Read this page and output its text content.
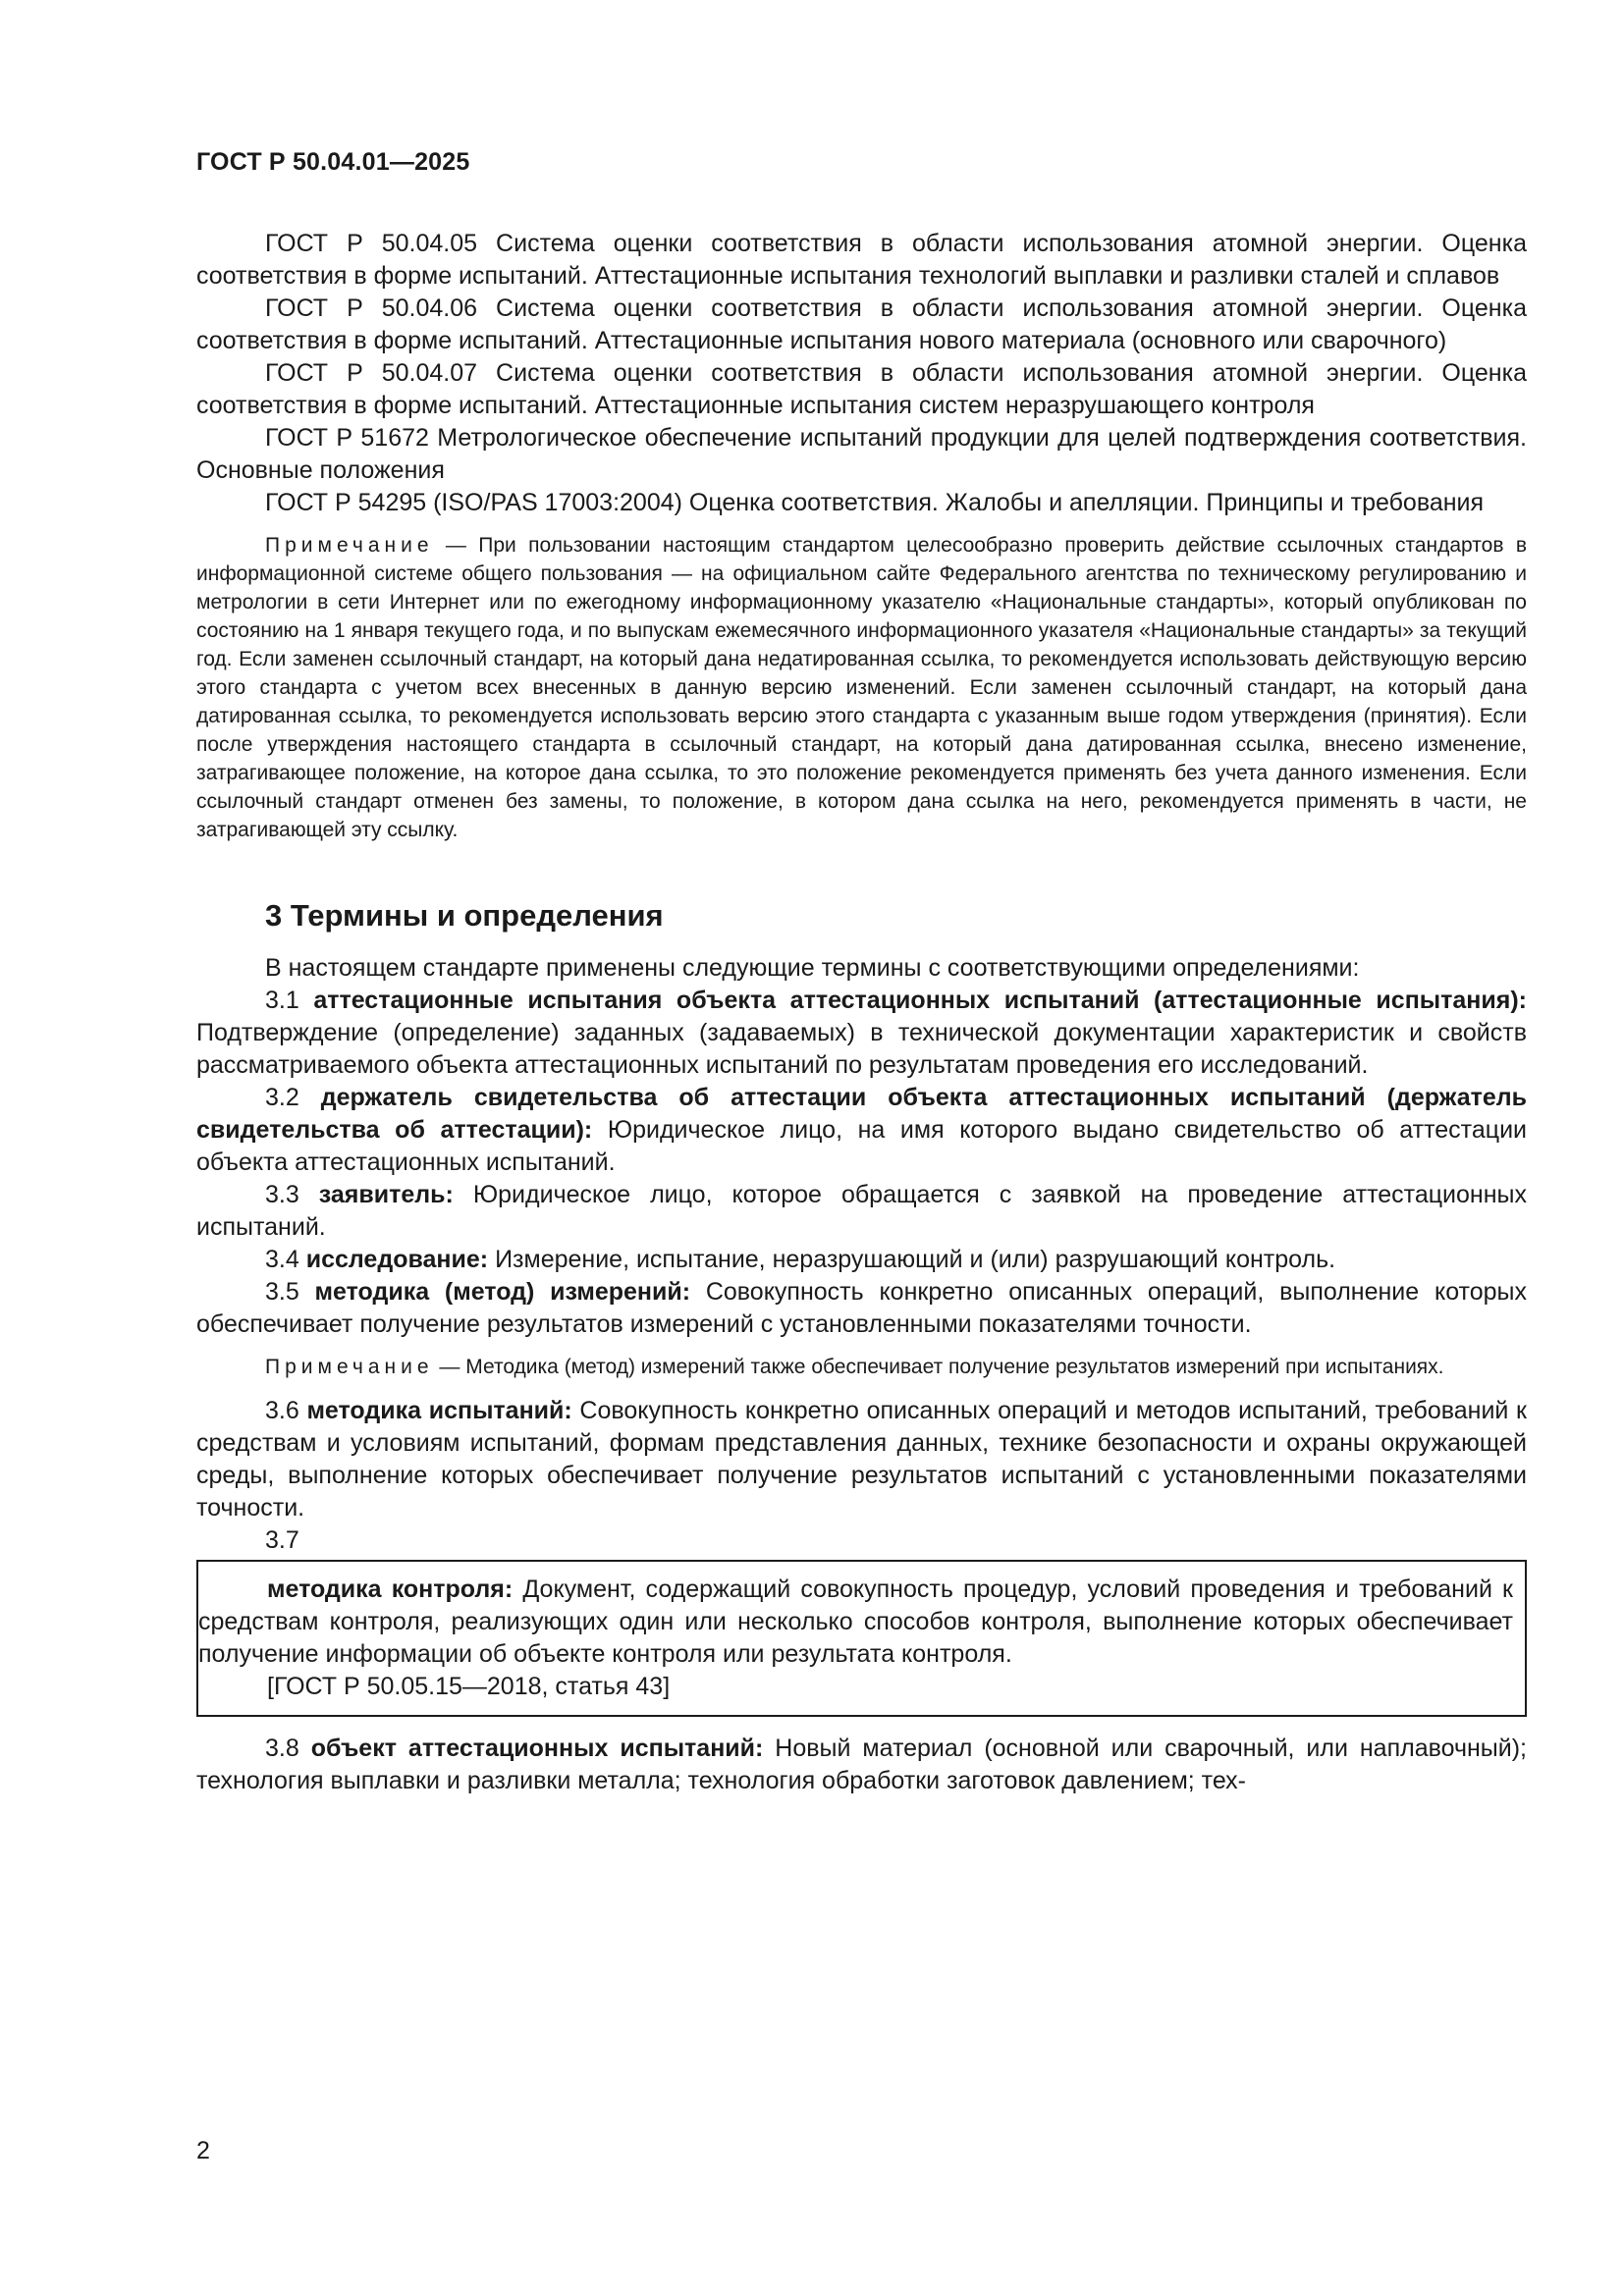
ГОСТ Р 50.04.01—2025

ГОСТ Р 50.04.05 Система оценки соответствия в области использования атомной энергии. Оценка соответствия в форме испытаний. Аттестационные испытания технологий выплавки и разливки сталей и сплавов

ГОСТ Р 50.04.06 Система оценки соответствия в области использования атомной энергии. Оценка соответствия в форме испытаний. Аттестационные испытания нового материала (основного или сварочного)

ГОСТ Р 50.04.07 Система оценки соответствия в области использования атомной энергии. Оценка соответствия в форме испытаний. Аттестационные испытания систем неразрушающего контроля

ГОСТ Р 51672 Метрологическое обеспечение испытаний продукции для целей подтверждения соответствия. Основные положения

ГОСТ Р 54295 (ISO/PAS 17003:2004) Оценка соответствия. Жалобы и апелляции. Принципы и требования

Примечание — При пользовании настоящим стандартом целесообразно проверить действие ссылочных стандартов в информационной системе общего пользования — на официальном сайте Федерального агентства по техническому регулированию и метрологии в сети Интернет или по ежегодному информационному указателю «Национальные стандарты», который опубликован по состоянию на 1 января текущего года, и по выпускам ежемесячного информационного указателя «Национальные стандарты» за текущий год. Если заменен ссылочный стандарт, на который дана недатированная ссылка, то рекомендуется использовать действующую версию этого стандарта с учетом всех внесенных в данную версию изменений. Если заменен ссылочный стандарт, на который дана датированная ссылка, то рекомендуется использовать версию этого стандарта с указанным выше годом утверждения (принятия). Если после утверждения настоящего стандарта в ссылочный стандарт, на который дана датированная ссылка, внесено изменение, затрагивающее положение, на которое дана ссылка, то это положение рекомендуется применять без учета данного изменения. Если ссылочный стандарт отменен без замены, то положение, в котором дана ссылка на него, рекомендуется применять в части, не затрагивающей эту ссылку.

3 Термины и определения

В настоящем стандарте применены следующие термины с соответствующими определениями:

3.1 аттестационные испытания объекта аттестационных испытаний (аттестационные испытания): Подтверждение (определение) заданных (задаваемых) в технической документации характеристик и свойств рассматриваемого объекта аттестационных испытаний по результатам проведения его исследований.

3.2 держатель свидетельства об аттестации объекта аттестационных испытаний (держатель свидетельства об аттестации): Юридическое лицо, на имя которого выдано свидетельство об аттестации объекта аттестационных испытаний.

3.3 заявитель: Юридическое лицо, которое обращается с заявкой на проведение аттестационных испытаний.

3.4 исследование: Измерение, испытание, неразрушающий и (или) разрушающий контроль.

3.5 методика (метод) измерений: Совокупность конкретно описанных операций, выполнение которых обеспечивает получение результатов измерений с установленными показателями точности.

Примечание — Методика (метод) измерений также обеспечивает получение результатов измерений при испытаниях.

3.6 методика испытаний: Совокупность конкретно описанных операций и методов испытаний, требований к средствам и условиям испытаний, формам представления данных, технике безопасности и охраны окружающей среды, выполнение которых обеспечивает получение результатов испытаний с установленными показателями точности.

3.7

методика контроля: Документ, содержащий совокупность процедур, условий проведения и требований к средствам контроля, реализующих один или несколько способов контроля, выполнение которых обеспечивает получение информации об объекте контроля или результата контроля.

[ГОСТ Р 50.05.15—2018, статья 43]

3.8 объект аттестационных испытаний: Новый материал (основной или сварочный, или наплавочный); технология выплавки и разливки металла; технология обработки заготовок давлением; тех-

2
